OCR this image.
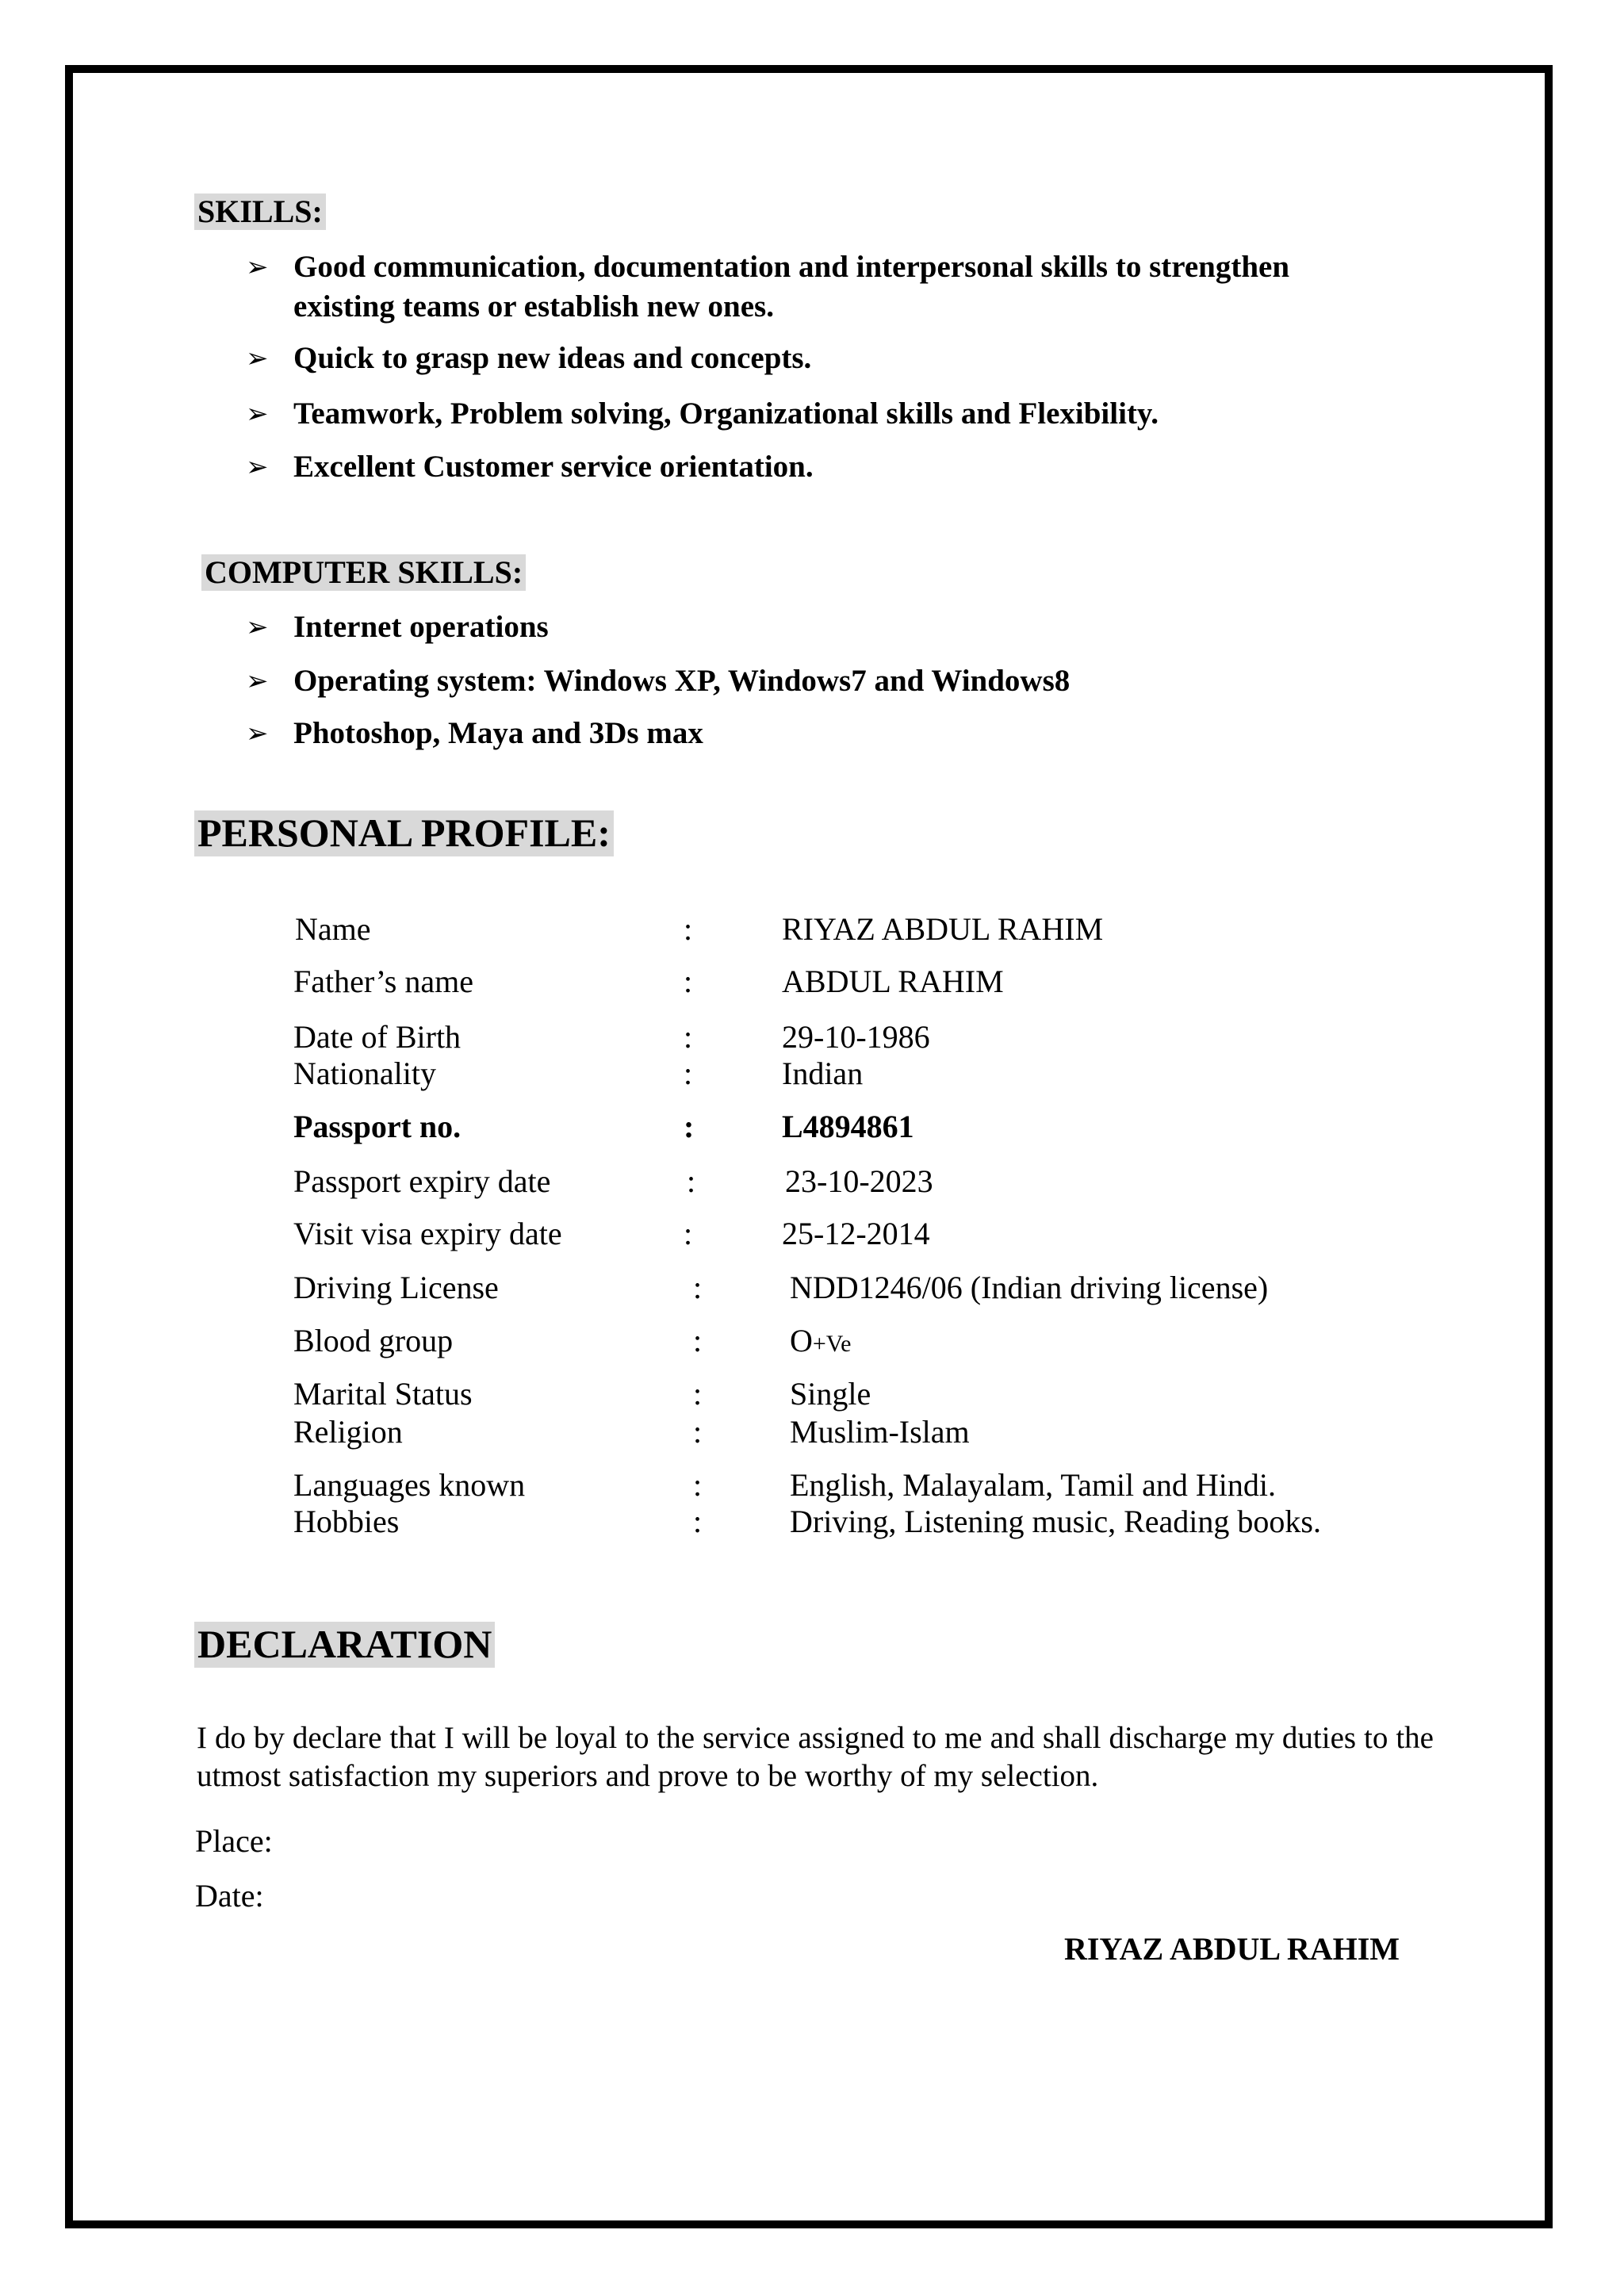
SKILLS:
➢ Good communication, documentation and interpersonal skills to strengthen
existing teams or establish new ones.
➢ Quick to grasp new ideas and concepts.
➢ Teamwork, Problem solving, Organizational skills and Flexibility.
➢ Excellent Customer service orientation.
COMPUTER SKILLS:
➢ Internet operations
➢ Operating system: Windows XP, Windows7 and Windows8
➢ Photoshop, Maya and 3Ds max
PERSONAL PROFILE:
Name	:	RIYAZ ABDUL RAHIM
Father’s name	:	ABDUL RAHIM
Date of Birth	:	29-10-1986
Nationality	:	Indian
Passport no.	:	L4894861
Passport expiry date	:	23-10-2023
Visit visa expiry date	:	25-12-2014
Driving License	:	NDD1246/06 (Indian driving license)
Blood group	:	O+Ve
Marital Status	:	Single
Religion	:	Muslim-Islam
Languages known	:	English, Malayalam, Tamil and Hindi.
Hobbies	:	Driving, Listening music, Reading books.
DECLARATION
I do by declare that I will be loyal to the service assigned to me and shall discharge my duties to the utmost satisfaction my superiors and prove to be worthy of my selection.
Place:
Date:
RIYAZ ABDUL RAHIM
